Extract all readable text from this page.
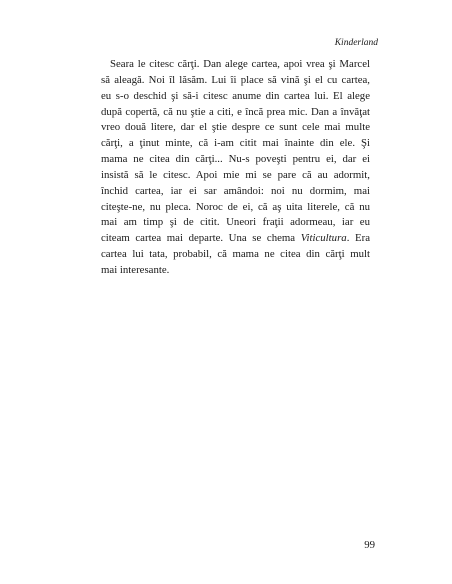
Kinderland

Seara le citesc cărţi. Dan alege cartea, apoi vrea şi Marcel
să aleagă. Noi îl lăsăm. Lui îi place să vină şi el cu cartea,
eu s-o deschid şi să-i citesc anume din cartea lui. El alege
după copertă, că nu ştie a citi, e încă prea mic. Dan a învăţat
vreo două litere, dar el ştie despre ce sunt cele mai multe
cărţi, a ţinut minte, că i-am citit mai înainte din ele. Şi
mama ne citea din cărţi... Nu-s poveşti pentru ei, dar ei
insistă să le citesc. Apoi mie mi se pare că au adormit,
închid cartea, iar ei sar amândoi: noi nu dormim, mai
citeşte-ne, nu pleca. Noroc de ei, că aş uita literele, că nu
mai am timp şi de citit. Uneori fraţii adormeau, iar eu
citeam cartea mai departe. Una se chema Viticultura. Era
cartea lui tata, probabil, că mama ne citea din cărţi mult
mai interesante.

99
